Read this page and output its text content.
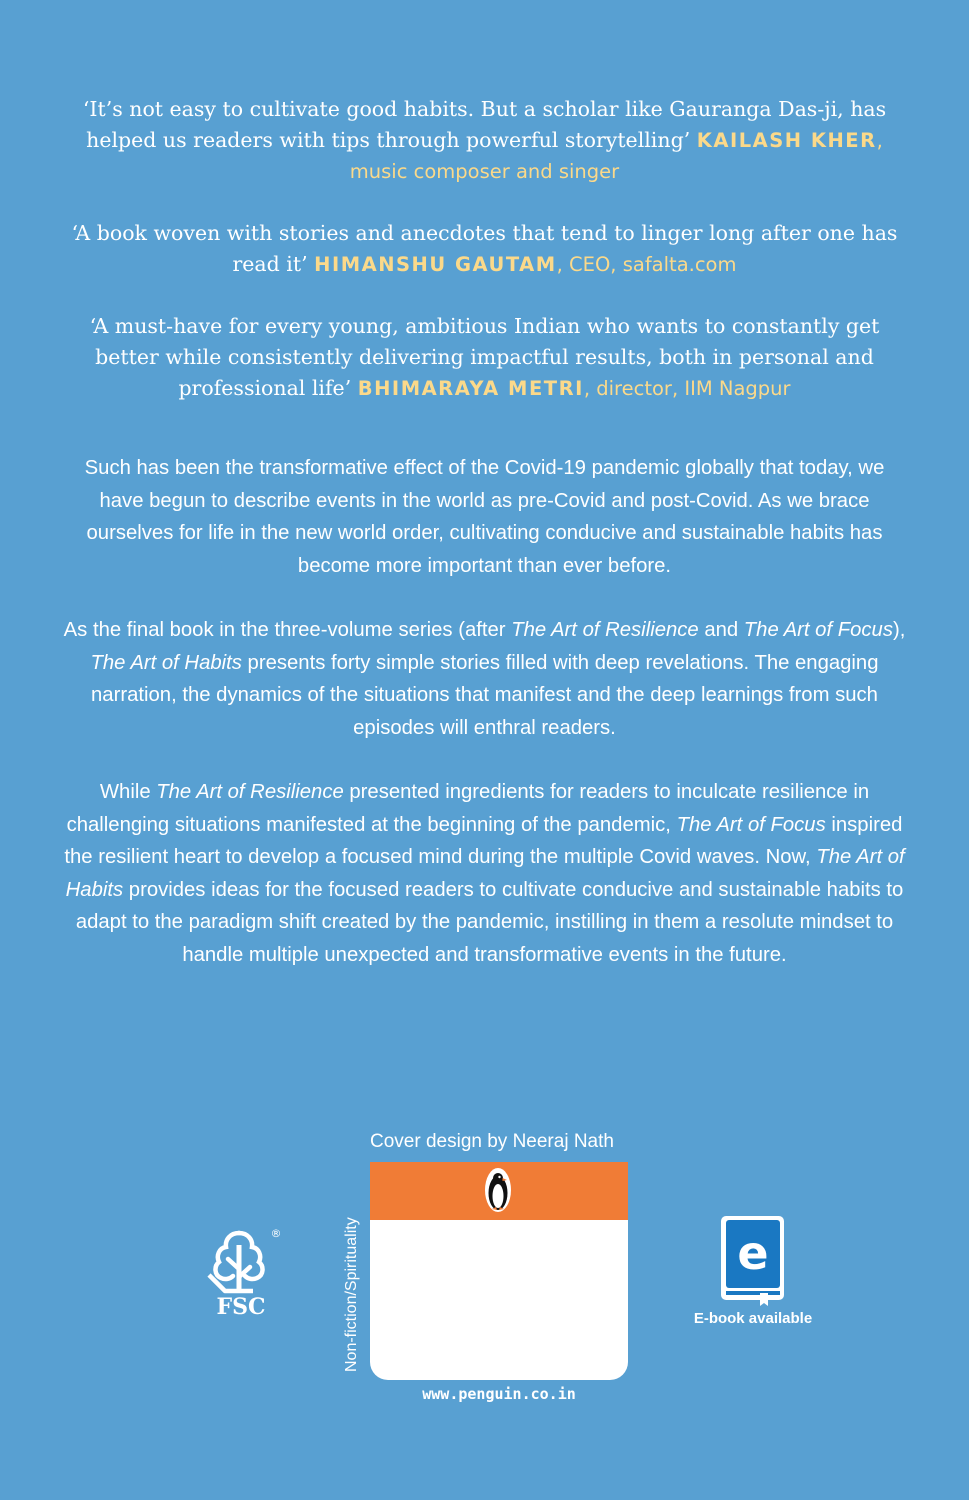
‘It’s not easy to cultivate good habits. But a scholar like Gauranga Das-ji, has helped us readers with tips through powerful storytelling’ KAILASH KHER, music composer and singer

‘A book woven with stories and anecdotes that tend to linger long after one has read it’ HIMANSHU GAUTAM, CEO, safalta.com

‘A must-have for every young, ambitious Indian who wants to constantly get better while consistently delivering impactful results, both in personal and professional life’ BHIMARAYA METRI, director, IIM Nagpur

Such has been the transformative effect of the Covid-19 pandemic globally that today, we have begun to describe events in the world as pre-Covid and post-Covid. As we brace ourselves for life in the new world order, cultivating conducive and sustainable habits has become more important than ever before.

As the final book in the three-volume series (after The Art of Resilience and The Art of Focus), The Art of Habits presents forty simple stories filled with deep revelations. The engaging narration, the dynamics of the situations that manifest and the deep learnings from such episodes will enthral readers.

While The Art of Resilience presented ingredients for readers to inculcate resilience in challenging situations manifested at the beginning of the pandemic, The Art of Focus inspired the resilient heart to develop a focused mind during the multiple Covid waves. Now, The Art of Habits provides ideas for the focused readers to cultivate conducive and sustainable habits to adapt to the paradigm shift created by the pandemic, instilling in them a resolute mindset to handle multiple unexpected and transformative events in the future.

Cover design by Neeraj Nath
Non-fiction/Spirituality
www.penguin.co.in
®
FSC
e
E-book available
